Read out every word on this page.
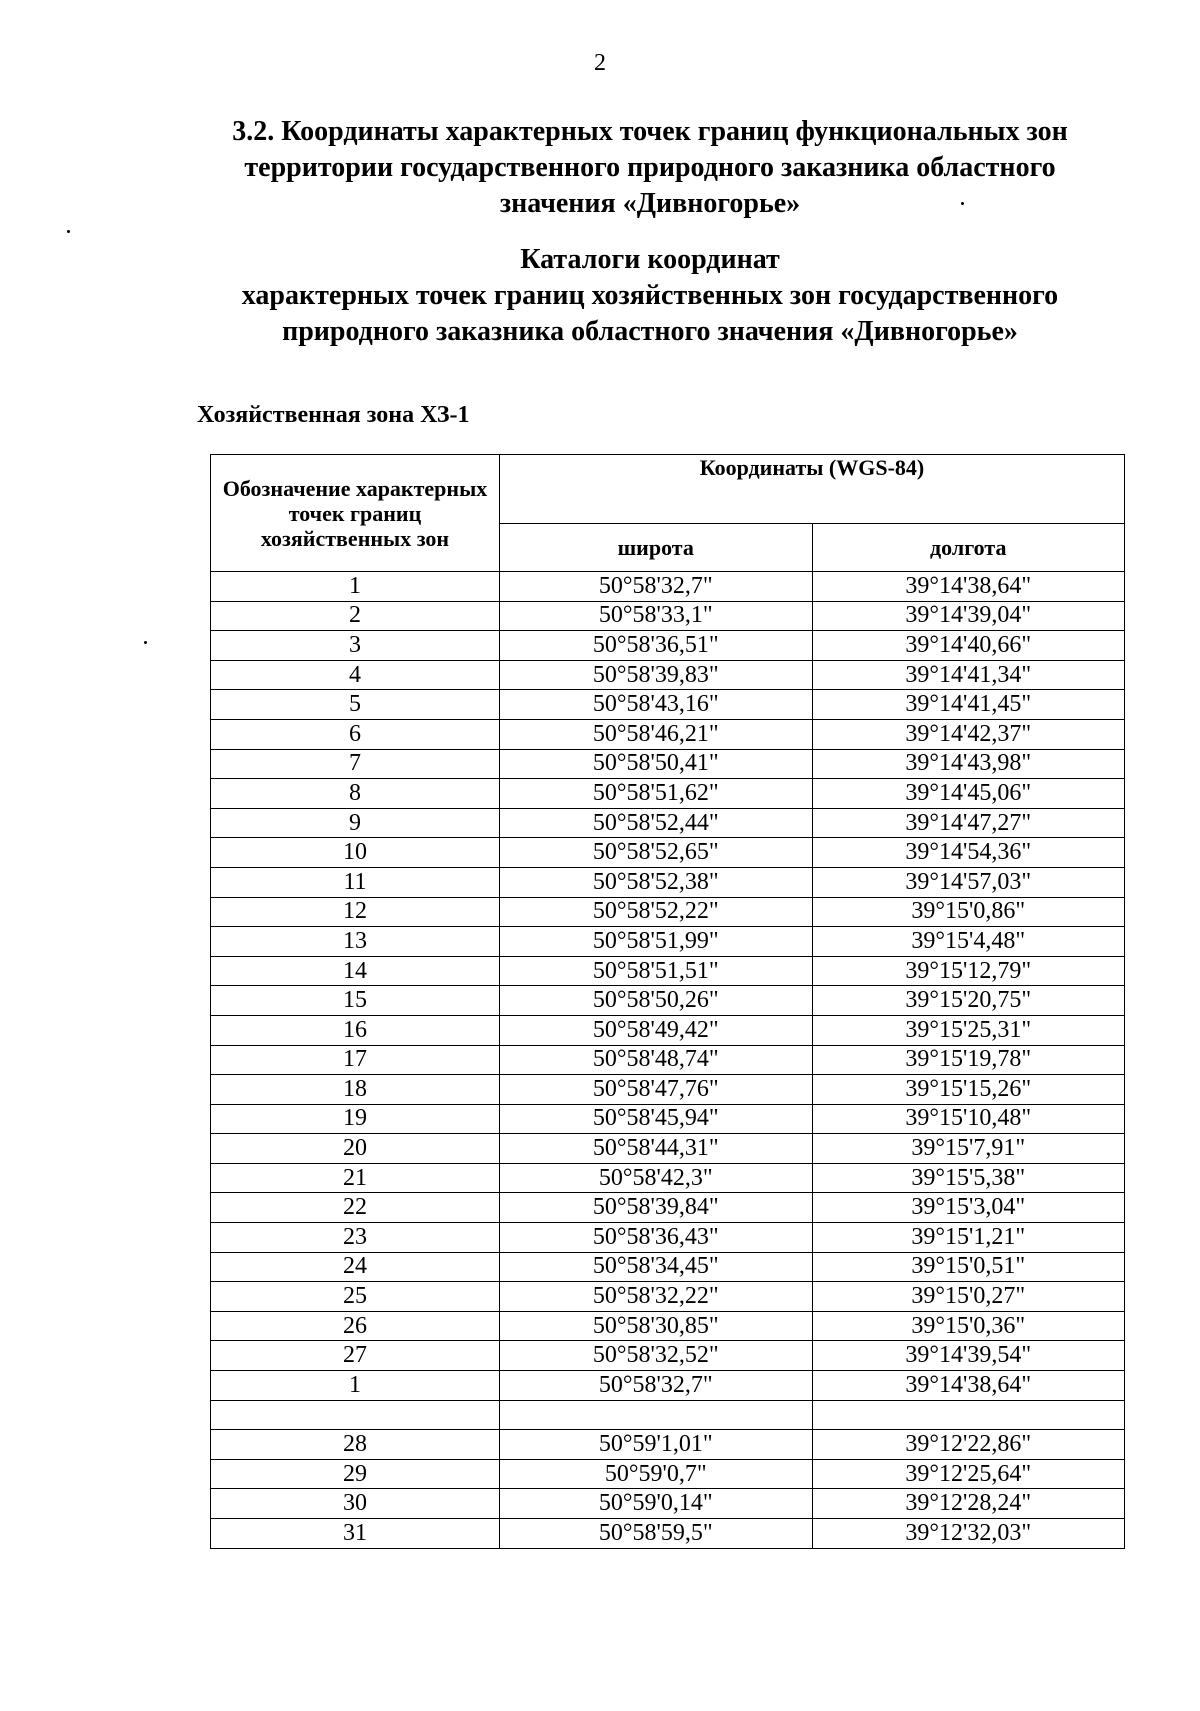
2
3.2. Координаты характерных точек границ функциональных зон
территории государственного природного заказника областного
значения «Дивногорье»
Каталоги координат
характерных точек границ хозяйственных зон государственного
природного заказника областного значения «Дивногорье»
Хозяйственная зона ХЗ-1
Обозначение характерных точек границ хозяйственных зон	Координаты (WGS-84)	
	широта	долгота
1	50°58'32,7"	39°14'38,64"
2	50°58'33,1"	39°14'39,04"
3	50°58'36,51"	39°14'40,66"
4	50°58'39,83"	39°14'41,34"
5	50°58'43,16"	39°14'41,45"
6	50°58'46,21"	39°14'42,37"
7	50°58'50,41"	39°14'43,98"
8	50°58'51,62"	39°14'45,06"
9	50°58'52,44"	39°14'47,27"
10	50°58'52,65"	39°14'54,36"
11	50°58'52,38"	39°14'57,03"
12	50°58'52,22"	39°15'0,86"
13	50°58'51,99"	39°15'4,48"
14	50°58'51,51"	39°15'12,79"
15	50°58'50,26"	39°15'20,75"
16	50°58'49,42"	39°15'25,31"
17	50°58'48,74"	39°15'19,78"
18	50°58'47,76"	39°15'15,26"
19	50°58'45,94"	39°15'10,48"
20	50°58'44,31"	39°15'7,91"
21	50°58'42,3"	39°15'5,38"
22	50°58'39,84"	39°15'3,04"
23	50°58'36,43"	39°15'1,21"
24	50°58'34,45"	39°15'0,51"
25	50°58'32,22"	39°15'0,27"
26	50°58'30,85"	39°15'0,36"
27	50°58'32,52"	39°14'39,54"
1	50°58'32,7"	39°14'38,64"

28	50°59'1,01"	39°12'22,86"
29	50°59'0,7"	39°12'25,64"
30	50°59'0,14"	39°12'28,24"
31	50°58'59,5"	39°12'32,03"
